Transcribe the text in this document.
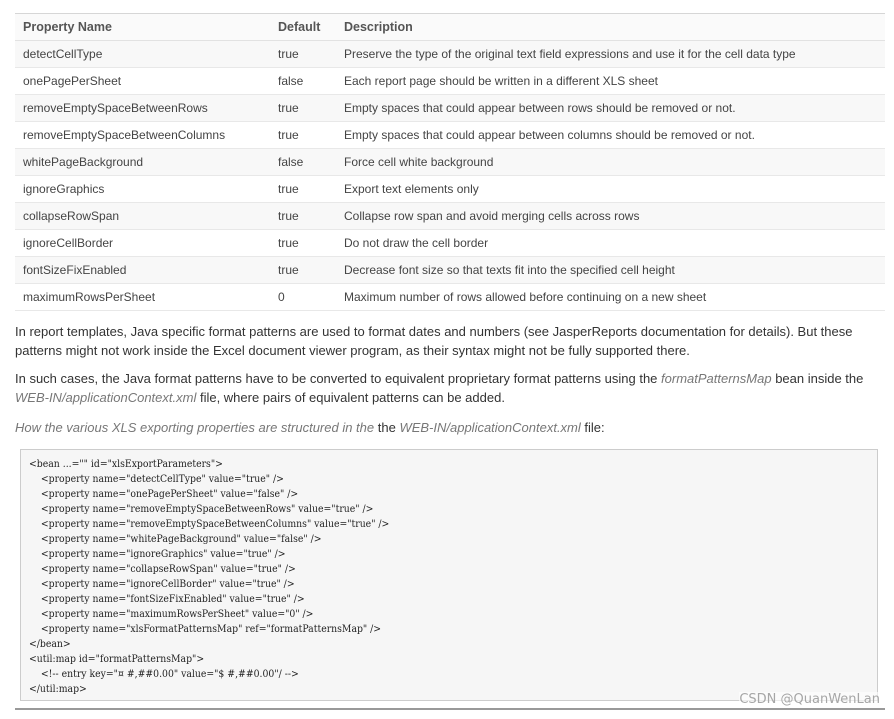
Property Name	Default	Description
detectCellType	true	Preserve the type of the original text field expressions and use it for the cell data type
onePagePerSheet	false	Each report page should be written in a different XLS sheet
removeEmptySpaceBetweenRows	true	Empty spaces that could appear between rows should be removed or not.
removeEmptySpaceBetweenColumns	true	Empty spaces that could appear between columns should be removed or not.
whitePageBackground	false	Force cell white background
ignoreGraphics	true	Export text elements only
collapseRowSpan	true	Collapse row span and avoid merging cells across rows
ignoreCellBorder	true	Do not draw the cell border
fontSizeFixEnabled	true	Decrease font size so that texts fit into the specified cell height
maximumRowsPerSheet	0	Maximum number of rows allowed before continuing on a new sheet

In report templates, Java specific format patterns are used to format dates and numbers (see JasperReports documentation for details). But these patterns might not work inside the Excel document viewer program, as their syntax might not be fully supported there.

In such cases, the Java format patterns have to be converted to equivalent proprietary format patterns using the formatPatternsMap bean inside the WEB-IN/applicationContext.xml file, where pairs of equivalent patterns can be added.

How the various XLS exporting properties are structured in the the WEB-IN/applicationContext.xml file:

<bean ...="" id="xlsExportParameters">
<property name="detectCellType" value="true" />
<property name="onePagePerSheet" value="false" />
<property name="removeEmptySpaceBetweenRows" value="true" />
<property name="removeEmptySpaceBetweenColumns" value="true" />
<property name="whitePageBackground" value="false" />
<property name="ignoreGraphics" value="true" />
<property name="collapseRowSpan" value="true" />
<property name="ignoreCellBorder" value="true" />
<property name="fontSizeFixEnabled" value="true" />
<property name="maximumRowsPerSheet" value="0" />
<property name="xlsFormatPatternsMap" ref="formatPatternsMap" />
</bean>
<util:map id="formatPatternsMap">
<!-- entry key="¤ #,##0.00" value="$ #,##0.00"/ -->
</util:map>
CSDN @QuanWenLan
